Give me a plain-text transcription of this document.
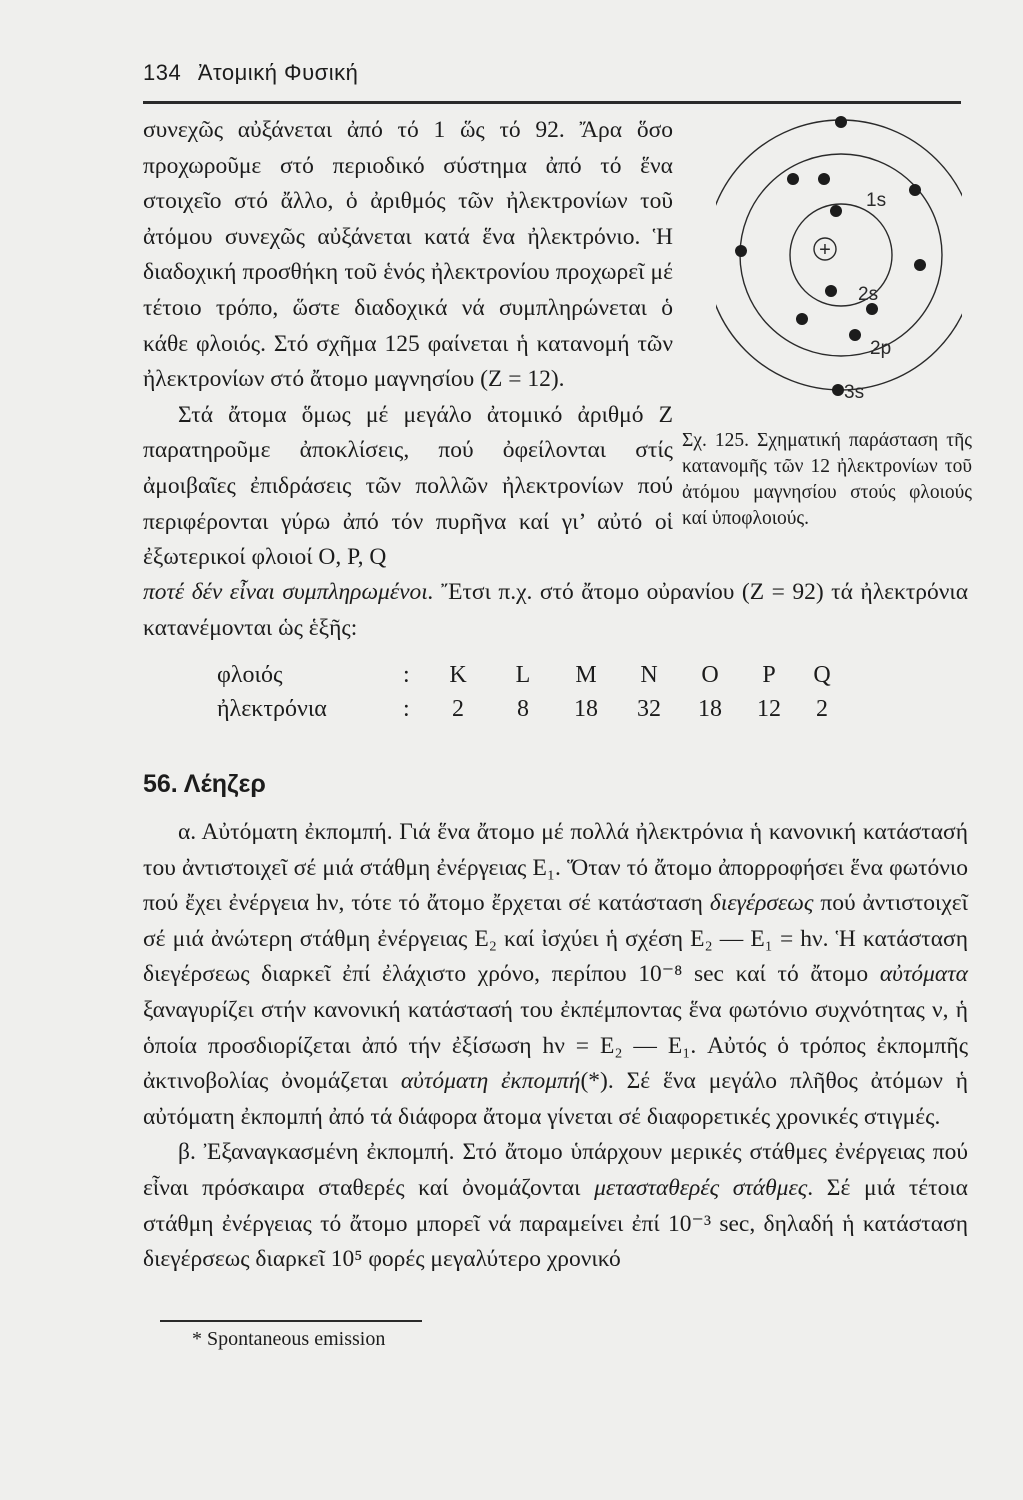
134 Ἀτομική Φυσική

συνεχῶς αὐξάνεται ἀπό τό 1 ὥς τό 92. Ἄρα ὅσο προχωροῦμε στό περιοδικό σύστημα ἀπό τό ἕνα στοιχεῖο στό ἄλλο, ὁ ἀριθμός τῶν ἠλεκτρονίων τοῦ ἀτόμου συνεχῶς αὐξάνεται κατά ἕνα ἠλεκτρόνιο. Ἡ διαδοχική προσθήκη τοῦ ἑνός ἠλεκτρονίου προχωρεῖ μέ τέτοιο τρόπο, ὥστε διαδοχικά νά συμπληρώνεται ὁ κάθε φλοιός. Στό σχῆμα 125 φαίνεται ἡ κατανομή τῶν ἠλεκτρονίων στό ἄτομο μαγνησίου (Z = 12).

Στά ἄτομα ὅμως μέ μεγάλο ἀτομικό ἀριθμό Z παρατηροῦμε ἀποκλίσεις, πού ὀφείλονται στίς ἀμοιβαῖες ἐπιδράσεις τῶν πολλῶν ἠλεκτρονίων πού περιφέρονται γύρω ἀπό τόν πυρῆνα καί γι’ αὐτό οἱ ἐξωτερικοί φλοιοί O, P, Q

+
1s
2s
2p
3s
Σχ. 125. Σχηματική παράσταση τῆς κατανομῆς τῶν 12 ἠλεκτρονίων τοῦ ἀτόμου μαγνησίου στούς φλοιούς καί ὑποφλοιούς.

ποτέ δέν εἶναι συμπληρωμένοι. Ἔτσι π.χ. στό ἄτομο οὐρανίου (Z = 92) τά ἠλεκτρόνια κατανέμονται ὡς ἑξῆς:

φλοιός	:	K	L	M	N	O	P	Q
ἠλεκτρόνια	:	2	8	18	32	18	12	2
56. Λέηζερ

α. Αὐτόματη ἐκπομπή. Γιά ἕνα ἄτομο μέ πολλά ἠλεκτρόνια ἡ κανονική κατάστασή του ἀντιστοιχεῖ σέ μιά στάθμη ἐνέργειας E₁. Ὅταν τό ἄτομο ἀπορροφήσει ἕνα φωτόνιο πού ἔχει ἐνέργεια hν, τότε τό ἄτομο ἔρχεται σέ κατάσταση διεγέρσεως πού ἀντιστοιχεῖ σέ μιά ἀνώτερη στάθμη ἐνέργειας E₂ καί ἰσχύει ἡ σχέση E₂ — E₁ = hν. Ἡ κατάσταση διεγέρσεως διαρκεῖ ἐπί ἐλάχιστο χρόνο, περίπου 10⁻⁸ sec καί τό ἄτομο αὐτόματα ξαναγυρίζει στήν κανονική κατάστασή του ἐκπέμποντας ἕνα φωτόνιο συχνότητας ν, ἡ ὁποία προσδιορίζεται ἀπό τήν ἐξίσωση hν = E₂ — E₁. Αὐτός ὁ τρόπος ἐκπομπῆς ἀκτινοβολίας ὀνομάζεται αὐτόματη ἐκπομπή(*). Σέ ἕνα μεγάλο πλῆθος ἀτόμων ἡ αὐτόματη ἐκπομπή ἀπό τά διάφορα ἄτομα γίνεται σέ διαφορετικές χρονικές στιγμές.

β. Ἐξαναγκασμένη ἐκπομπή. Στό ἄτομο ὑπάρχουν μερικές στάθμες ἐνέργειας πού εἶναι πρόσκαιρα σταθερές καί ὀνομάζονται μετασταθερές στάθμες. Σέ μιά τέτοια στάθμη ἐνέργειας τό ἄτομο μπορεῖ νά παραμείνει ἐπί 10⁻³ sec, δηλαδή ἡ κατάσταση διεγέρσεως διαρκεῖ 10⁵ φορές μεγαλύτερο χρονικό

* Spontaneous emission
